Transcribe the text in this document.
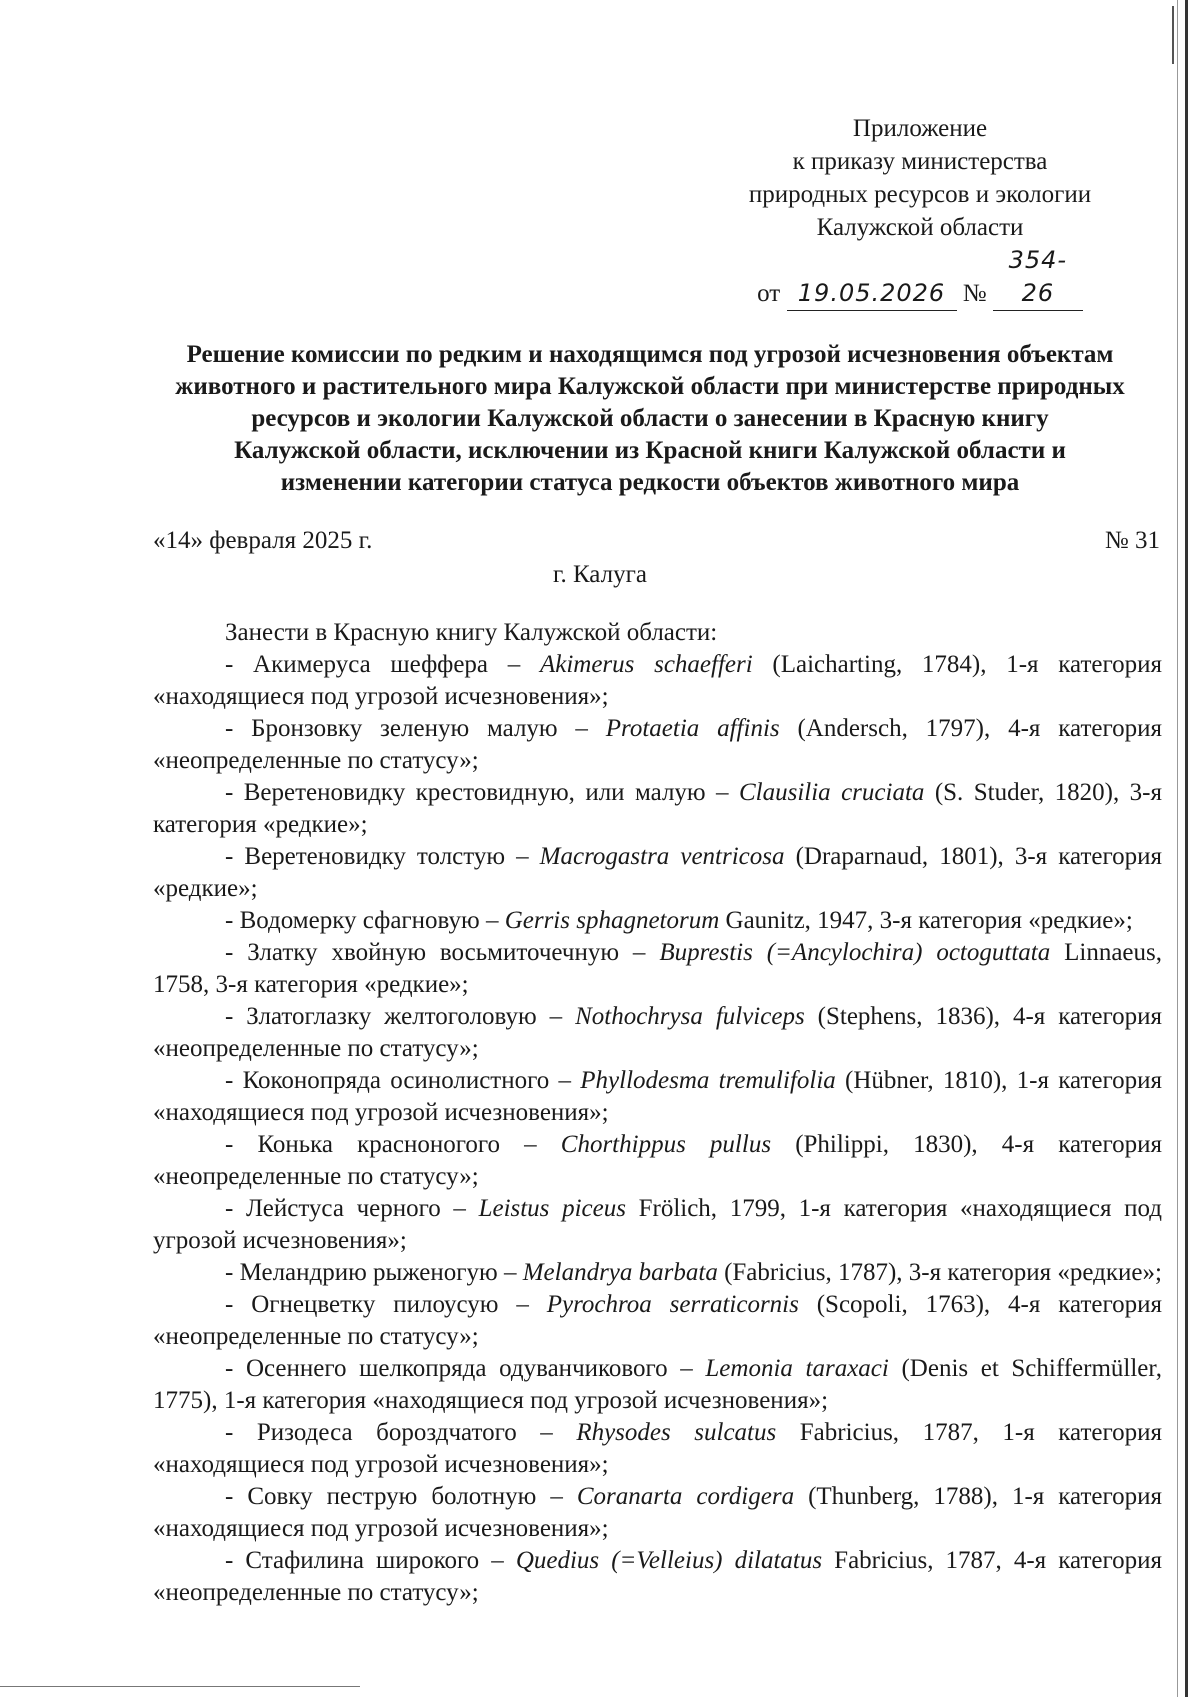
Приложение
к приказу министерства
природных ресурсов и экологии
Калужской области
от 19.05.2026 № 354-26
Решение комиссии по редким и находящимся под угрозой исчезновения объектам
животного и растительного мира Калужской области при министерстве природных
ресурсов и экологии Калужской области о занесении в Красную книгу
Калужской области, исключении из Красной книги Калужской области и
изменении категории статуса редкости объектов животного мира
«14» февраля 2025 г.	№ 31
г. Калуга

Занести в Красную книгу Калужской области:

- Акимеруса шеффера – Akimerus schaefferi (Laicharting, 1784), 1-я категория «находящиеся под угрозой исчезновения»;
- Бронзовку зеленую малую – Protaetia affinis (Andersch, 1797), 4-я категория «неопределенные по статусу»;
- Веретеновидку крестовидную, или малую – Clausilia cruciata (S. Studer, 1820), 3-я категория «редкие»;
- Веретеновидку толстую – Macrogastra ventricosa (Draparnaud, 1801), 3-я категория «редкие»;
- Водомерку сфагновую – Gerris sphagnetorum Gaunitz, 1947, 3-я категория «редкие»;
- Златку хвойную восьмиточечную – Buprestis (=Ancylochira) octoguttata Linnaeus, 1758, 3-я категория «редкие»;
- Златоглазку желтоголовую – Nothochrysa fulviceps (Stephens, 1836), 4-я категория «неопределенные по статусу»;
- Коконопряда осинолистного – Phyllodesma tremulifolia (Hübner, 1810), 1-я категория «находящиеся под угрозой исчезновения»;
- Конька красноногого – Chorthippus pullus (Philippi, 1830), 4-я категория «неопределенные по статусу»;
- Лейстуса черного – Leistus piceus Frölich, 1799, 1-я категория «находящиеся под угрозой исчезновения»;
- Меландрию рыженогую – Melandrya barbata (Fabricius, 1787), 3-я категория «редкие»;
- Огнецветку пилоусую – Pyrochroa serraticornis (Scopoli, 1763), 4-я категория «неопределенные по статусу»;
- Осеннего шелкопряда одуванчикового – Lemonia taraxaci (Denis et Schiffermüller, 1775), 1-я категория «находящиеся под угрозой исчезновения»;
- Ризодеса бороздчатого – Rhysodes sulcatus Fabricius, 1787, 1-я категория «находящиеся под угрозой исчезновения»;
- Совку пеструю болотную – Coranarta cordigera (Thunberg, 1788), 1-я категория «находящиеся под угрозой исчезновения»;
- Стафилина широкого – Quedius (=Velleius) dilatatus Fabricius, 1787, 4-я категория «неопределенные по статусу»;
